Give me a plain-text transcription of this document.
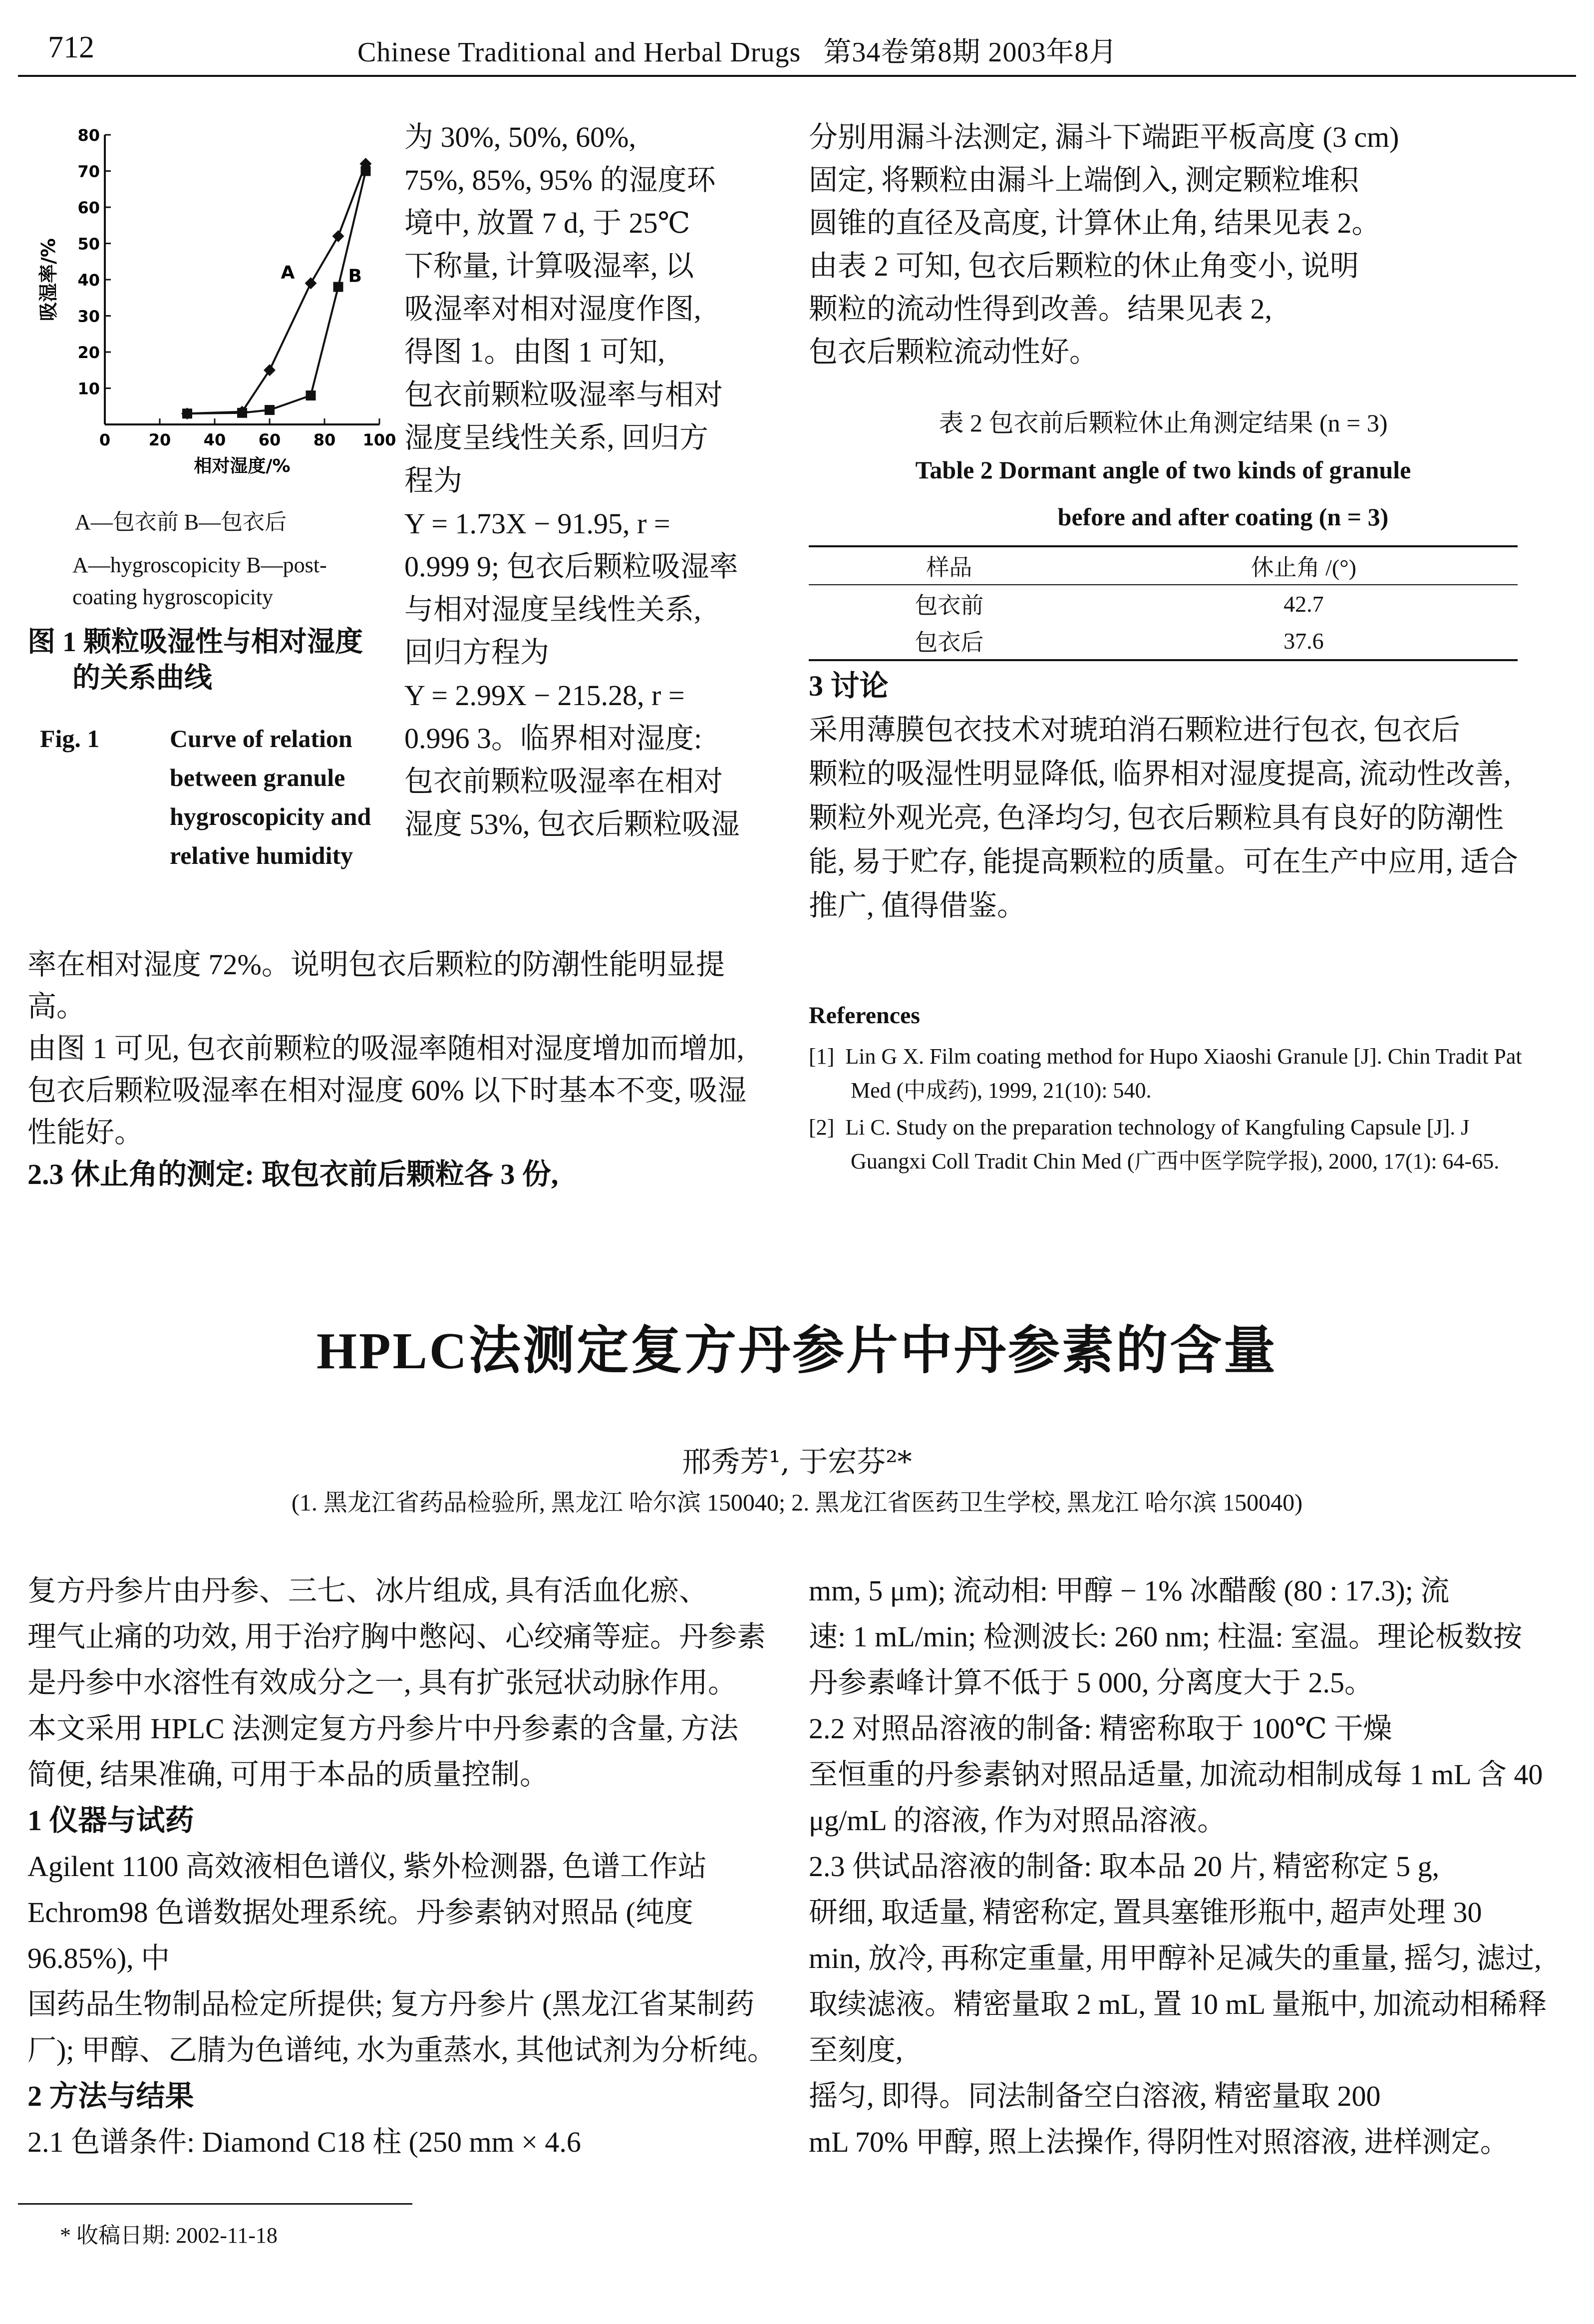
712	Chinese Traditional and Herbal Drugs 第34卷第8期 2003年8月
10
20
30
40
50
60
70
80
0 20 40 60 80 100
A	B
吸湿率/%
相对湿度/%

A—包衣前 B—包衣后

A—hygroscopicity B—post-

coating hygroscopicity

图 1 颗粒吸湿性与相对湿度

的关系曲线

Fig. 1	Curve of relation

between granule

hygroscopicity and

relative humidity

为 30%, 50%, 60%,

75%, 85%, 95% 的湿度环

境中, 放置 7 d, 于 25℃

下称量, 计算吸湿率, 以

吸湿率对相对湿度作图,

得图 1。由图 1 可知,

包衣前颗粒吸湿率与相对

湿度呈线性关系, 回归方

程为

Y = 1.73X − 91.95, r =

0.999 9; 包衣后颗粒吸湿率

与相对湿度呈线性关系,

回归方程为

Y = 2.99X − 215.28, r =

0.996 3。临界相对湿度:

包衣前颗粒吸湿率在相对

湿度 53%, 包衣后颗粒吸湿

率在相对湿度 72%。说明包衣后颗粒的防潮性能明显提高。

由图 1 可见, 包衣前颗粒的吸湿率随相对湿度增加而增加,

包衣后颗粒吸湿率在相对湿度 60% 以下时基本不变, 吸湿

性能好。

2.3 休止角的测定: 取包衣前后颗粒各 3 份,

分别用漏斗法测定, 漏斗下端距平板高度 (3 cm)

固定, 将颗粒由漏斗上端倒入, 测定颗粒堆积

圆锥的直径及高度, 计算休止角, 结果见表 2。

由表 2 可知, 包衣后颗粒的休止角变小, 说明

颗粒的流动性得到改善。结果见表 2,

包衣后颗粒流动性好。

表 2 包衣前后颗粒休止角测定结果 (n = 3)
Table 2 Dormant angle of two kinds of granule
before and after coating (n = 3)
样品	休止角 /(°)
包衣前	42.7
包衣后	37.6

3 讨论

采用薄膜包衣技术对琥珀消石颗粒进行包衣, 包衣后

颗粒的吸湿性明显降低, 临界相对湿度提高, 流动性改善,

颗粒外观光亮, 色泽均匀, 包衣后颗粒具有良好的防潮性

能, 易于贮存, 能提高颗粒的质量。可在生产中应用, 适合

推广, 值得借鉴。

References

[1] Lin G X. Film coating method for Hupo Xiaoshi Granule [J]. Chin Tradit Pat Med (中成药), 1999, 21(10): 540.

[2] Li C. Study on the preparation technology of Kangfuling Capsule [J]. J Guangxi Coll Tradit Chin Med (广西中医学院学报), 2000, 17(1): 64-65.

HPLC法测定复方丹参片中丹参素的含量
邢秀芳¹, 于宏芬²*
(1. 黑龙江省药品检验所, 黑龙江 哈尔滨 150040; 2. 黑龙江省医药卫生学校, 黑龙江 哈尔滨 150040)

复方丹参片由丹参、三七、冰片组成, 具有活血化瘀、

理气止痛的功效, 用于治疗胸中憋闷、心绞痛等症。丹参素

是丹参中水溶性有效成分之一, 具有扩张冠状动脉作用。

本文采用 HPLC 法测定复方丹参片中丹参素的含量, 方法

简便, 结果准确, 可用于本品的质量控制。

1 仪器与试药

Agilent 1100 高效液相色谱仪, 紫外检测器, 色谱工作站

Echrom98 色谱数据处理系统。丹参素钠对照品 (纯度 96.85%), 中

国药品生物制品检定所提供; 复方丹参片 (黑龙江省某制药

厂); 甲醇、乙腈为色谱纯, 水为重蒸水, 其他试剂为分析纯。

2 方法与结果

2.1 色谱条件: Diamond C18 柱 (250 mm × 4.6

mm, 5 μm); 流动相: 甲醇 − 1% 冰醋酸 (80 : 17.3); 流

速: 1 mL/min; 检测波长: 260 nm; 柱温: 室温。理论板数按

丹参素峰计算不低于 5 000, 分离度大于 2.5。

2.2 对照品溶液的制备: 精密称取于 100℃ 干燥

至恒重的丹参素钠对照品适量, 加流动相制成每 1 mL 含 40

μg/mL 的溶液, 作为对照品溶液。

2.3 供试品溶液的制备: 取本品 20 片, 精密称定 5 g,

研细, 取适量, 精密称定, 置具塞锥形瓶中, 超声处理 30

min, 放冷, 再称定重量, 用甲醇补足减失的重量, 摇匀, 滤过,

取续滤液。精密量取 2 mL, 置 10 mL 量瓶中, 加流动相稀释至刻度,

摇匀, 即得。同法制备空白溶液, 精密量取 200

mL 70% 甲醇, 照上法操作, 得阴性对照溶液, 进样测定。

* 收稿日期: 2002-11-18
